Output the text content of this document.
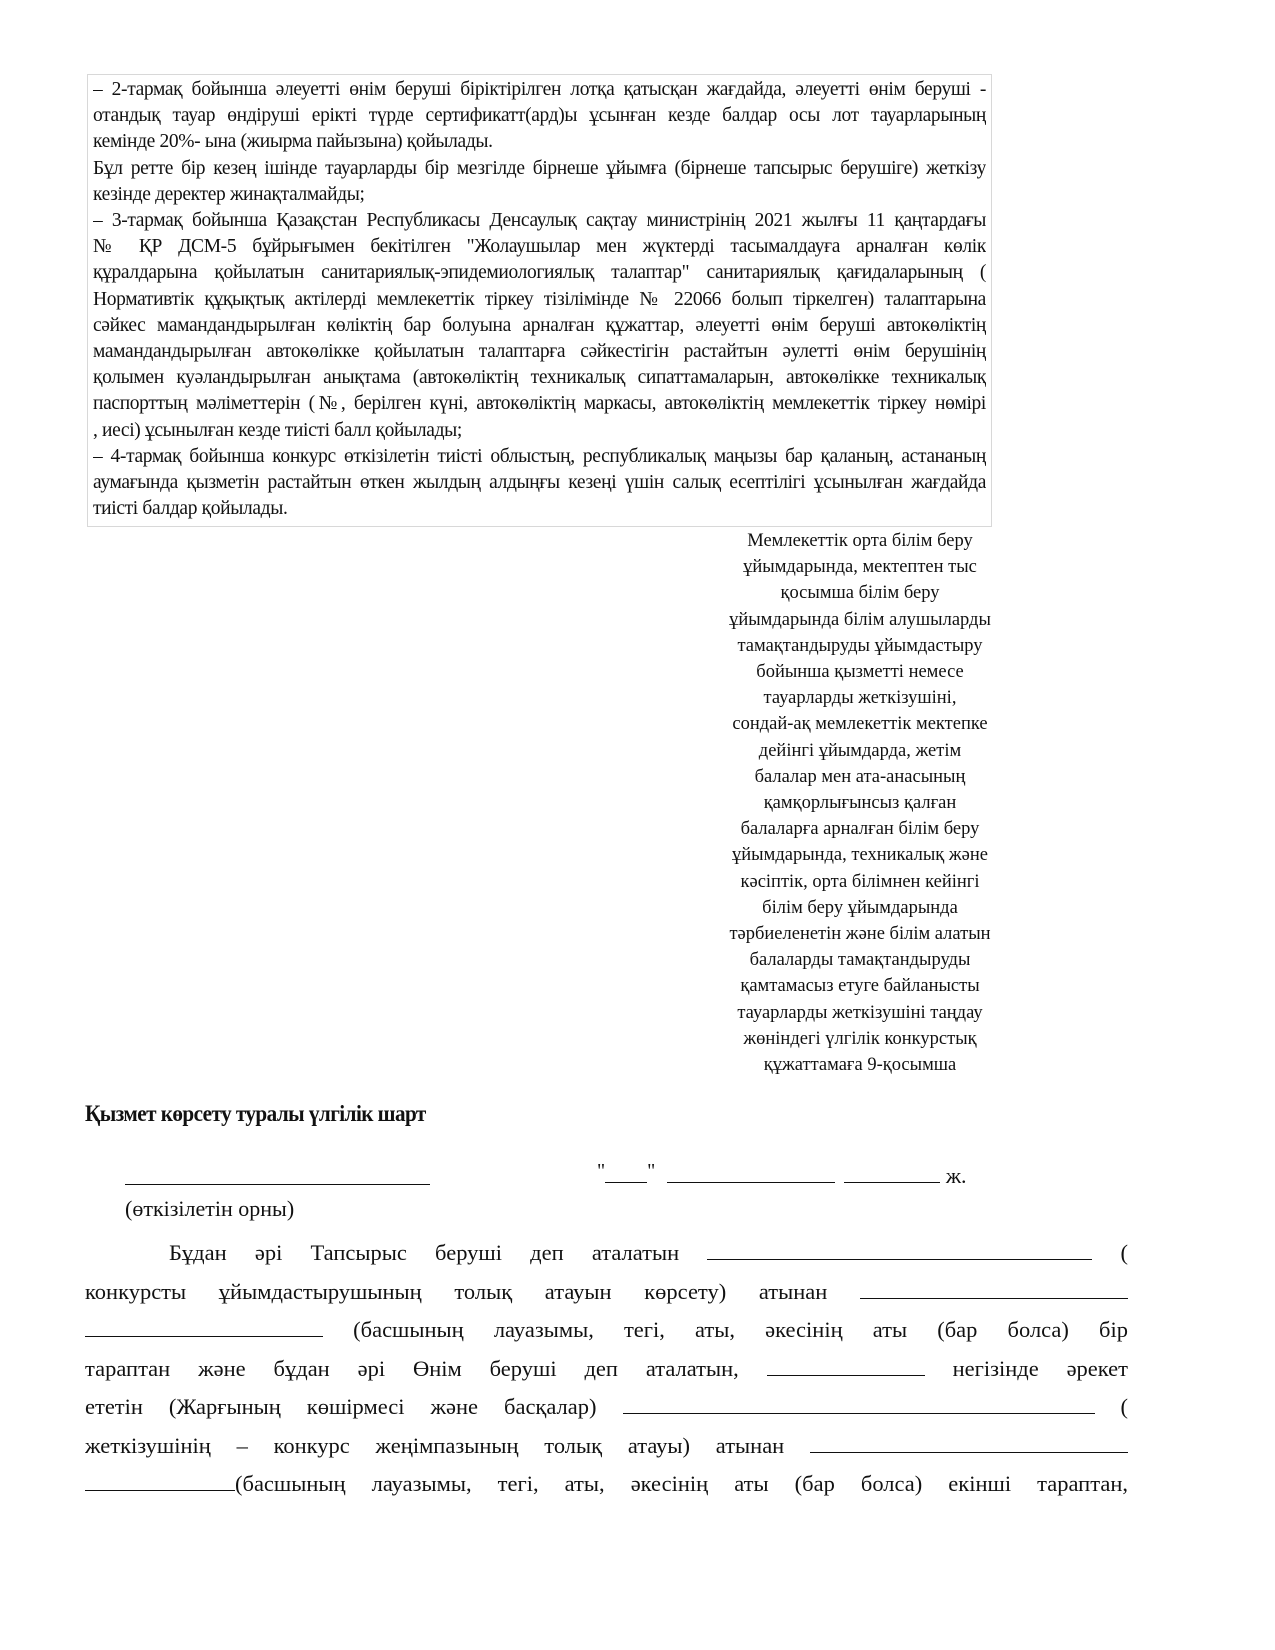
– 2-тармақ бойынша әлеуетті өнім беруші біріктірілген лотқа қатысқан жағдайда, әлеуетті өнім беруші -
отандық тауар өндіруші ерікті түрде сертификатт(ард)ы ұсынған кезде балдар осы лот тауарларының
кемінде 20%- ына (жиырма пайызына) қойылады.
Бұл ретте бір кезең ішінде тауарларды бір мезгілде бірнеше ұйымға (бірнеше тапсырыс берушіге) жеткізу
кезінде деректер жинақталмайды;
– 3-тармақ бойынша Қазақстан Республикасы Денсаулық сақтау министрінің 2021 жылғы 11 қаңтардағы
№ ҚР ДСМ-5 бұйрығымен бекітілген "Жолаушылар мен жүктерді тасымалдауға арналған көлік
құралдарына қойылатын санитариялық-эпидемиологиялық талаптар" санитариялық қағидаларының (
Нормативтік құқықтық актілерді мемлекеттік тіркеу тізілімінде № 22066 болып тіркелген) талаптарына
сәйкес мамандандырылған көліктің бар болуына арналған құжаттар, әлеуетті өнім беруші автокөліктің
мамандандырылған автокөлікке қойылатын талаптарға сәйкестігін растайтын әулетті өнім берушінің
қолымен куәландырылған анықтама (автокөліктің техникалық сипаттамаларын, автокөлікке техникалық
паспорттың мәліметтерін (№, берілген күні, автокөліктің маркасы, автокөліктің мемлекеттік тіркеу нөмірі
, иесі) ұсынылған кезде тиісті балл қойылады;
– 4-тармақ бойынша конкурс өткізілетін тиісті облыстың, республикалық маңызы бар қаланың, астананың
аумағында қызметін растайтын өткен жылдың алдыңғы кезеңі үшін салық есептілігі ұсынылған жағдайда
тиісті балдар қойылады.
Мемлекеттік орта білім беру
ұйымдарында, мектептен тыс
қосымша білім беру
ұйымдарында білім алушыларды
тамақтандыруды ұйымдастыру
бойынша қызметті немесе
тауарларды жеткізушіні,
сондай-ақ мемлекеттік мектепке
дейінгі ұйымдарда, жетім
балалар мен ата-анасының
қамқорлығынсыз қалған
балаларға арналған білім беру
ұйымдарында, техникалық және
кәсіптік, орта білімнен кейінгі
білім беру ұйымдарында
тәрбиеленетін және білім алатын
балаларды тамақтандыруды
қамтамасыз етуге байланысты
тауарларды жеткізушіні таңдау
жөніндегі үлгілік конкурстық
құжаттамаға 9-қосымша
Қызмет көрсету туралы үлгілік шарт
" "	ж.
(өткізілетін орны)
Бұдан әрі Тапсырыс беруші деп аталатын	(
конкурсты ұйымдастырушының толық атауын көрсету) атынан
(басшының лауазымы, тегі, аты, әкесінің аты (бар болса) бір
тараптан және бұдан әрі Өнім беруші деп аталатын,	негізінде әрекет
ететін (Жарғының көшірмесі және басқалар)	(
жеткізушінің – конкурс жеңімпазының толық атауы) атынан
(басшының лауазымы, тегі, аты, әкесінің аты (бар болса) екінші тараптан,
